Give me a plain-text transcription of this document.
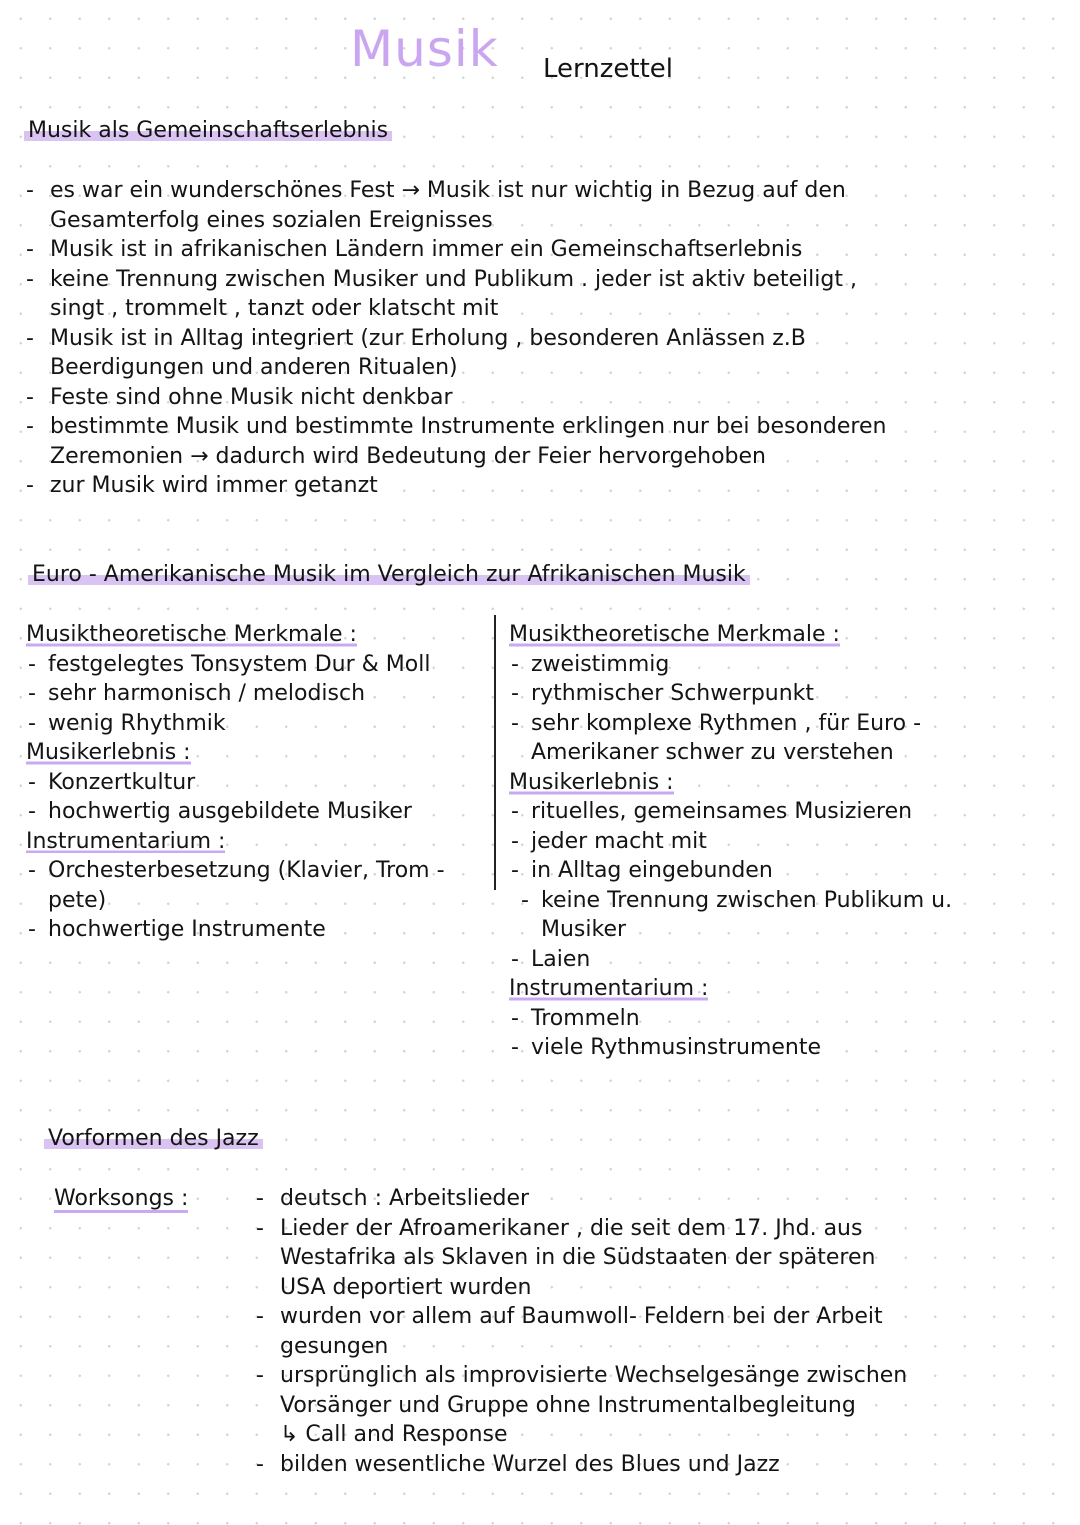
Musik Lernzettel
Musik als Gemeinschaftserlebnis
- es war ein wunderschönes Fest → Musik ist nur wichtig in Bezug auf den
Gesamterfolg eines sozialen Ereignisses
- Musik ist in afrikanischen Ländern immer ein Gemeinschaftserlebnis
- keine Trennung zwischen Musiker und Publikum . jeder ist aktiv beteiligt ,
singt , trommelt , tanzt oder klatscht mit
- Musik ist in Alltag integriert (zur Erholung , besonderen Anlässen z.B
Beerdigungen und anderen Ritualen)
- Feste sind ohne Musik nicht denkbar
- bestimmte Musik und bestimmte Instrumente erklingen nur bei besonderen
Zeremonien → dadurch wird Bedeutung der Feier hervorgehoben
- zur Musik wird immer getanzt
Euro - Amerikanische Musik im Vergleich zur Afrikanischen Musik
Musiktheoretische Merkmale :
- festgelegtes Tonsystem Dur & Moll
- sehr harmonisch / melodisch
- wenig Rhythmik
Musikerlebnis :
- Konzertkultur
- hochwertig ausgebildete Musiker
Instrumentarium :
- Orchesterbesetzung (Klavier, Trom -
pete)
- hochwertige Instrumente
Musiktheoretische Merkmale :
- zweistimmig
- rythmischer Schwerpunkt
- sehr komplexe Rythmen , für Euro -
Amerikaner schwer zu verstehen
Musikerlebnis :
- rituelles, gemeinsames Musizieren
- jeder macht mit
- in Alltag eingebunden
- keine Trennung zwischen Publikum u.
Musiker
- Laien
Instrumentarium :
- Trommeln
- viele Rythmusinstrumente
Vorformen des Jazz
Worksongs :	- deutsch : Arbeitslieder
- Lieder der Afroamerikaner , die seit dem 17. Jhd. aus
Westafrika als Sklaven in die Südstaaten der späteren
USA deportiert wurden
- wurden vor allem auf Baumwoll- Feldern bei der Arbeit
gesungen
- ursprünglich als improvisierte Wechselgesänge zwischen
Vorsänger und Gruppe ohne Instrumentalbegleitung
↳ Call and Response
- bilden wesentliche Wurzel des Blues und Jazz
